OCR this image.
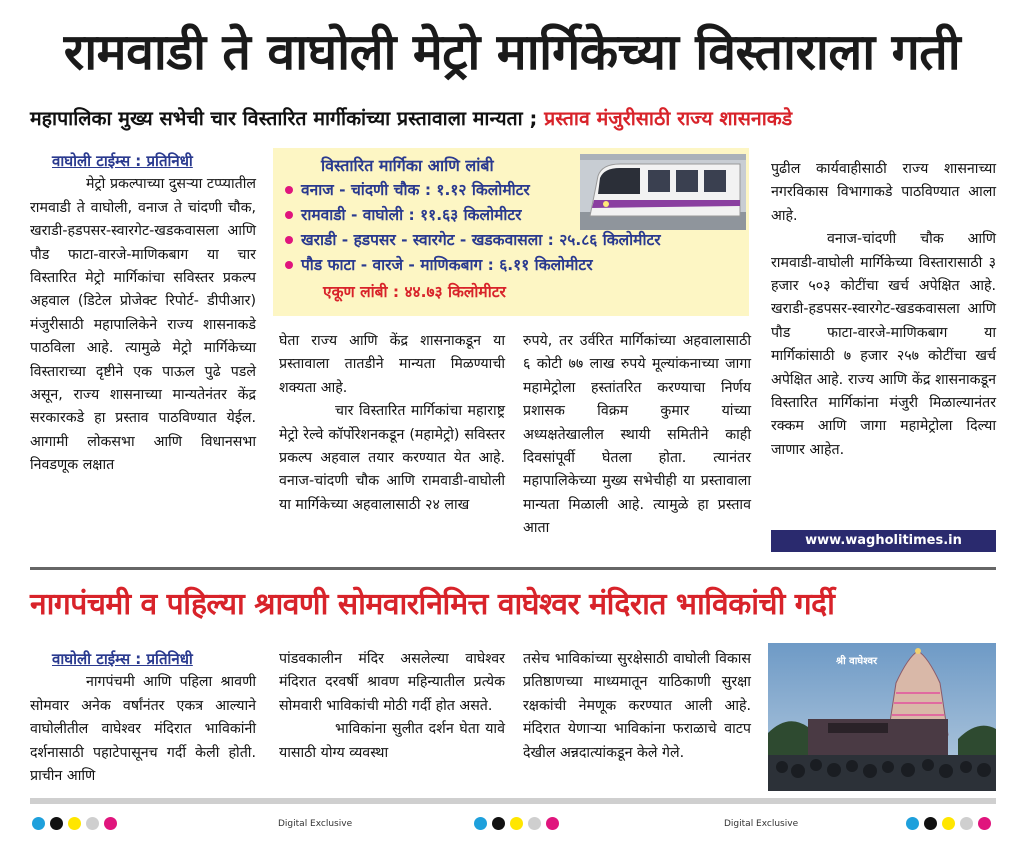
रामवाडी ते वाघोली मेट्रो मार्गिकेच्या विस्ताराला गती
महापालिका मुख्य सभेची चार विस्तारित मार्गीकांच्या प्रस्तावाला मान्यता ; प्रस्ताव मंजुरीसाठी राज्य शासनाकडे
वाघोली टाईम्स : प्रतिनिधी

मेट्रो प्रकल्पाच्या दुसऱ्या टप्प्यातील रामवाडी ते वाघोली, वनाज ते चांदणी चौक, खराडी-हडपसर-स्वारगेट-खडकवासला आणि पौड फाटा-वारजे-माणिकबाग या चार विस्तारित मेट्रो मार्गिकांचा सविस्तर प्रकल्प अहवाल (डिटेल प्रोजेक्ट रिपोर्ट- डीपीआर) मंजुरीसाठी महापालिकेने राज्य शासनाकडे पाठविला आहे. त्यामुळे मेट्रो मार्गिकेच्या विस्ताराच्या दृष्टीने एक पाऊल पुढे पडले असून, राज्य शासनाच्या मान्यतेनंतर केंद्र सरकारकडे हा प्रस्ताव पाठविण्यात येईल. आगामी लोकसभा आणि विधानसभा निवडणूक लक्षात

विस्तारित मार्गिका आणि लांबी
वनाज - चांदणी चौक : १.१२ किलोमीटर
रामवाडी - वाघोली : ११.६३ किलोमीटर
खराडी - हडपसर - स्वारगेट - खडकवासला : २५.८६ किलोमीटर
पौड फाटा - वारजे - माणिकबाग : ६.११ किलोमीटर
एकूण लांबी : ४४.७३ किलोमीटर

घेता राज्य आणि केंद्र शासनाकडून या प्रस्तावाला तातडीने मान्यता मिळण्याची शक्यता आहे.

चार विस्तारित मार्गिकांचा महाराष्ट्र मेट्रो रेल्वे कॉर्पोरेशनकडून (महामेट्रो) सविस्तर प्रकल्प अहवाल तयार करण्यात येत आहे. वनाज-चांदणी चौक आणि रामवाडी-वाघोली या मार्गिकेच्या अहवालासाठी २४ लाख

रुपये, तर उर्वरित मार्गिकांच्या अहवालासाठी ६ कोटी ७७ लाख रुपये मूल्यांकनाच्या जागा महामेट्रोला हस्तांतरित करण्याचा निर्णय प्रशासक विक्रम कुमार यांच्या अध्यक्षतेखालील स्थायी समितीने काही दिवसांपूर्वी घेतला होता. त्यानंतर महापालिकेच्या मुख्य सभेचीही या प्रस्तावाला मान्यता मिळाली आहे. त्यामुळे हा प्रस्ताव आता

पुढील कार्यवाहीसाठी राज्य शासनाच्या नगरविकास विभागाकडे पाठविण्यात आला आहे.

वनाज-चांदणी चौक आणि रामवाडी-वाघोली मार्गिकेच्या विस्तारासाठी ३ हजार ५०३ कोटींचा खर्च अपेक्षित आहे. खराडी-हडपसर-स्वारगेट-खडकवासला आणि पौड फाटा-वारजे-माणिकबाग या मार्गिकांसाठी ७ हजार २५७ कोटींचा खर्च अपेक्षित आहे. राज्य आणि केंद्र शासनाकडून विस्तारित मार्गिकांना मंजुरी मिळाल्यानंतर रक्कम आणि जागा महामेट्रोला दिल्या जाणार आहेत.

www.wagholitimes.in
नागपंचमी व पहिल्या श्रावणी सोमवारनिमित्त वाघेश्वर मंदिरात भाविकांची गर्दी
वाघोली टाईम्स : प्रतिनिधी

नागपंचमी आणि पहिला श्रावणी सोमवार अनेक वर्षांनंतर एकत्र आल्याने वाघोलीतील वाघेश्वर मंदिरात भाविकांनी दर्शनासाठी पहाटेपासूनच गर्दी केली होती. प्राचीन आणि

पांडवकालीन मंदिर असलेल्या वाघेश्वर मंदिरात दरवर्षी श्रावण महिन्यातील प्रत्येक सोमवारी भाविकांची मोठी गर्दी होत असते.

भाविकांना सुलीत दर्शन घेता यावे यासाठी योग्य व्यवस्था

तसेच भाविकांच्या सुरक्षेसाठी वाघोली विकास प्रतिष्ठाणच्या माध्यमातून याठिकाणी सुरक्षा रक्षकांची नेमणूक करण्यात आली आहे. मंदिरात येणाऱ्या भाविकांना फराळाचे वाटप देखील अन्नदात्यांकडून केले गेले.

श्री वाघेश्वर
Digital Exclusive	Digital Exclusive
